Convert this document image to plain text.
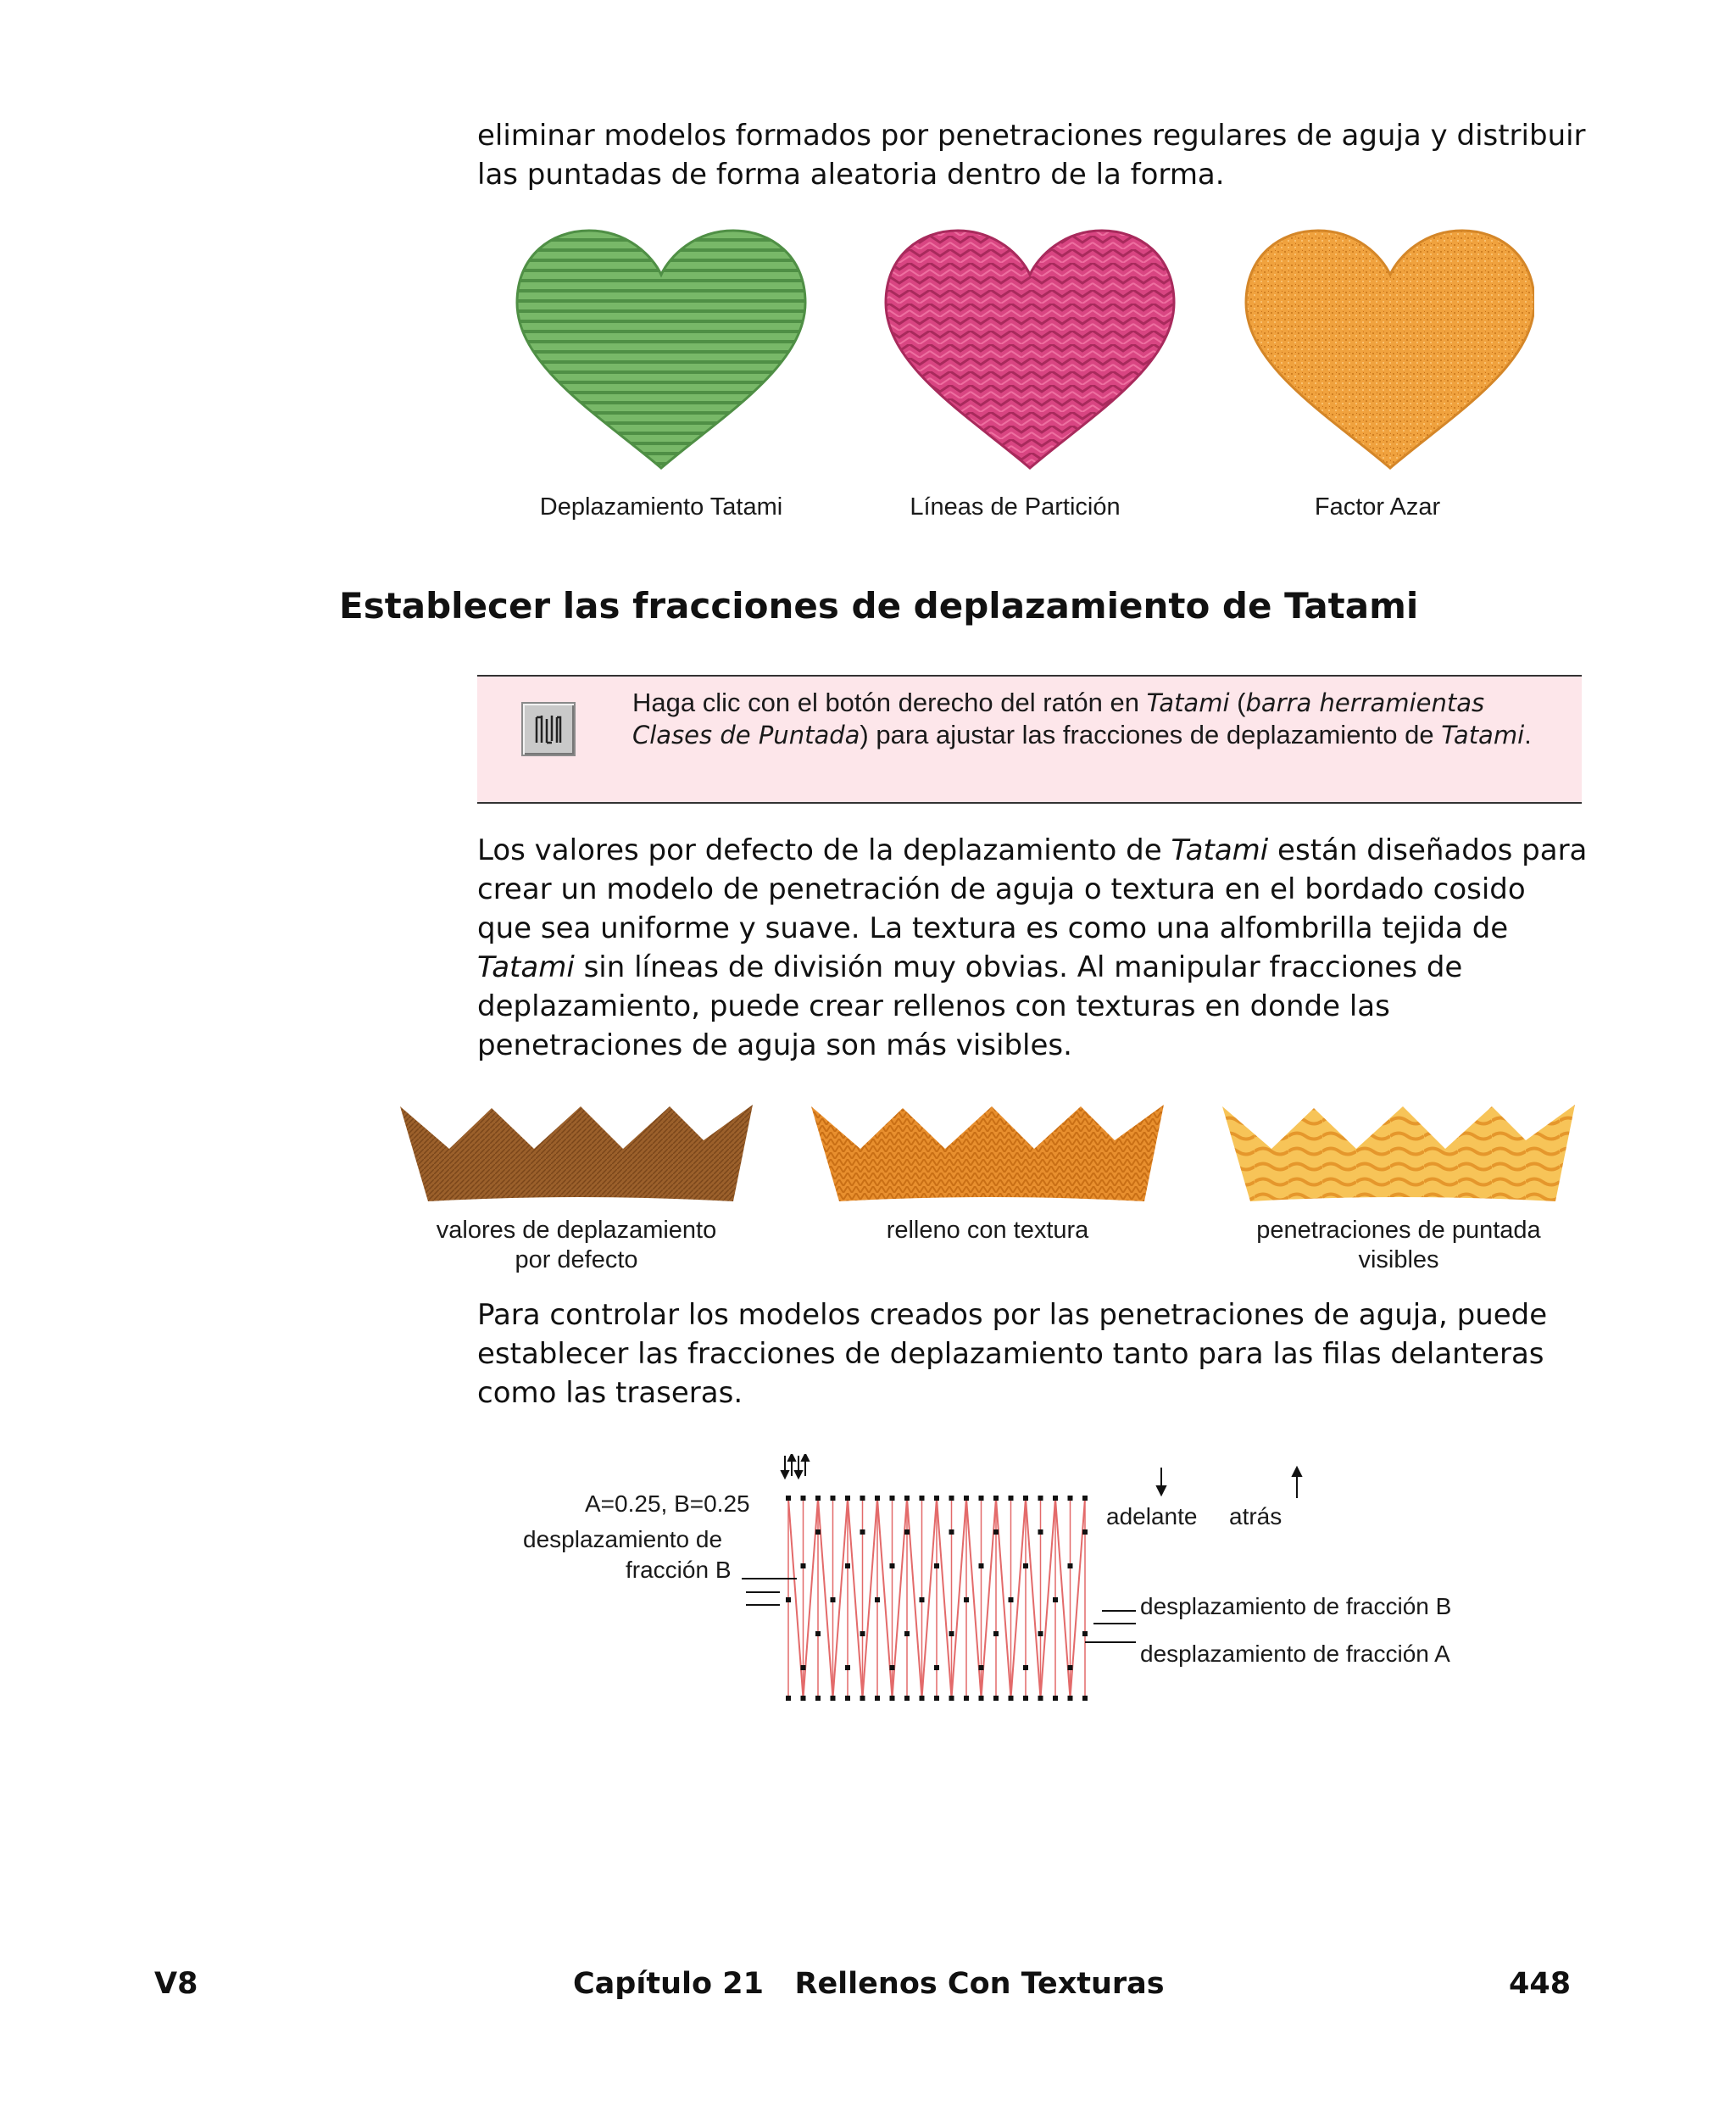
eliminar modelos formados por penetraciones regulares de aguja y distribuir
las puntadas de forma aleatoria dentro de la forma.

Deplazamiento Tatami	Líneas de Partición	Factor Azar
Establecer las fracciones de deplazamiento de Tatami
Haga clic con el botón derecho del ratón en Tatami (barra herramientas Clases de Puntada) para ajustar las fracciones de deplazamiento de Tatami.

Los valores por defecto de la deplazamiento de Tatami están diseñados para crear un modelo de penetración de aguja o textura en el bordado cosido que sea uniforme y suave. La textura es como una alfombrilla tejida de Tatami sin líneas de división muy obvias. Al manipular fracciones de deplazamiento, puede crear rellenos con texturas en donde las penetraciones de aguja son más visibles.

valores de deplazamiento
por defecto
relleno con textura	penetraciones de puntada
visibles

Para controlar los modelos creados por las penetraciones de aguja, puede establecer las fracciones de deplazamiento tanto para las filas delanteras como las traseras.

A=0.25, B=0.25
desplazamiento de
fracción B
adelante atrás
desplazamiento de fracción B
desplazamiento de fracción A
V8	Capítulo 21   Rellenos Con Texturas	448
